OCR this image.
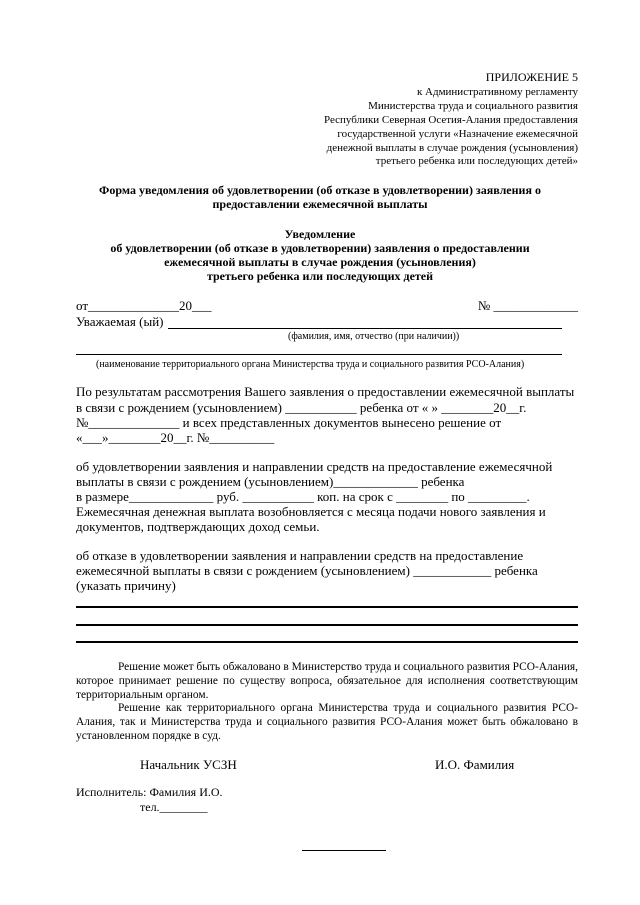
ПРИЛОЖЕНИЕ 5
к Административному регламенту
Министерства труда и социального развития
Республики Северная Осетия-Алания предоставления
государственной услуги «Назначение ежемесячной
денежной выплаты в случае рождения (усыновления)
третьего ребенка или последующих детей»
Форма уведомления об удовлетворении (об отказе в удовлетворении) заявления о
предоставлении ежемесячной выплаты
Уведомление
об удовлетворении (об отказе в удовлетворении) заявления о предоставлении
ежемесячной выплаты в случае рождения (усыновления)
третьего ребенка или последующих детей
от______________20___	№ _____________
Уважаемая (ый)
(фамилия, имя, отчество (при наличии))
(наименование территориального органа Министерства труда и социального развития РСО-Алания)
По результатам рассмотрения Вашего заявления о предоставлении ежемесячной выплаты
в связи с рождением (усыновлением) ___________ ребенка от « » ________20__г.
№______________ и всех представленных документов вынесено решение от
«___»________20__г. №__________
об удовлетворении заявления и направлении средств на предоставление ежемесячной
выплаты в связи с рождением (усыновлением)_____________ ребенка
в размере_____________ руб. ___________ коп. на срок с ________ по _________.
Ежемесячная денежная выплата возобновляется с месяца подачи нового заявления и
документов, подтверждающих доход семьи.
об отказе в удовлетворении заявления и направлении средств на предоставление
ежемесячной выплаты в связи с рождением (усыновлением) ____________ ребенка
(указать причину)
Решение может быть обжаловано в Министерство труда и социального развития РСО-Алания, которое принимает решение по существу вопроса, обязательное для исполнения соответствующим территориальным органом.
Решение как территориального органа Министерства труда и социального развития РСО-Алания, так и Министерства труда и социального развития РСО-Алания может быть обжаловано в установленном порядке в суд.
Начальник УСЗН	И.О. Фамилия
Исполнитель: Фамилия И.О.
тел.________
